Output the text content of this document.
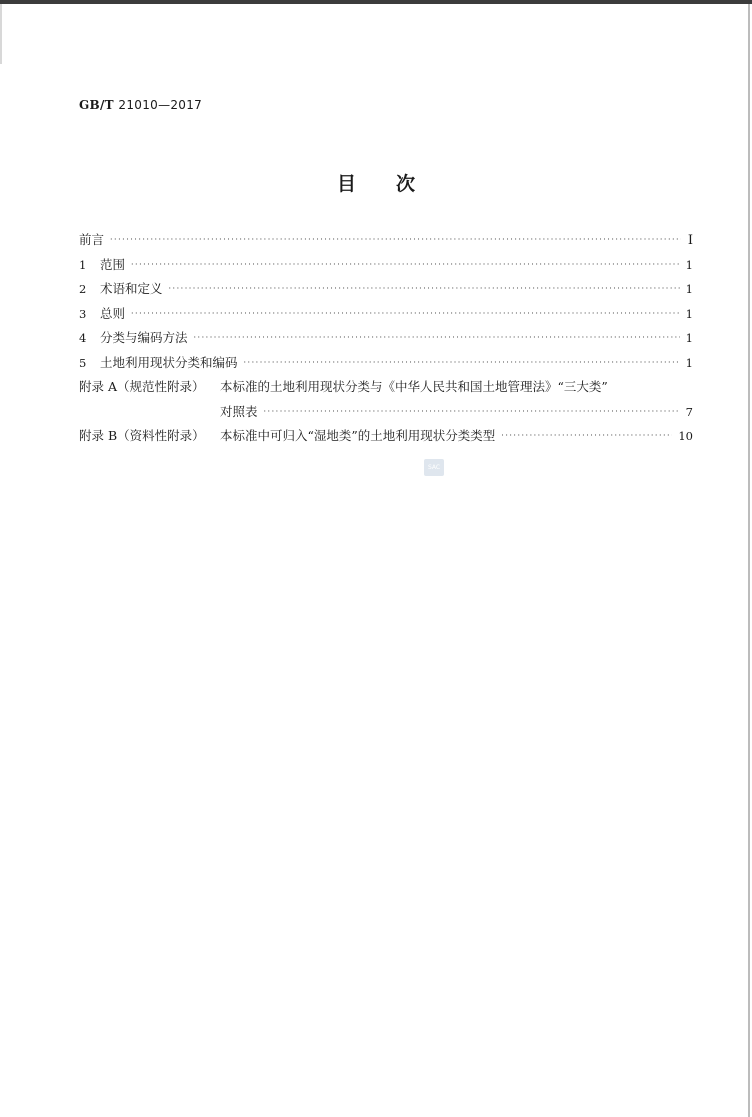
GB/T 21010—2017
目次
前言 ·····	I
1	范围 ·····	1
2	术语和定义 ·····	1
3	总则 ·····	1
4	分类与编码方法 ·····	1
5	土地利用现状分类和编码 ·····	1
附录 A（规范性附录）	本标准的土地利用现状分类与《中华人民共和国土地管理法》“三大类”
对照表 ·····	7
附录 B（资料性附录）	本标准中可归入“湿地类”的土地利用现状分类类型 ·····	10
SAC
